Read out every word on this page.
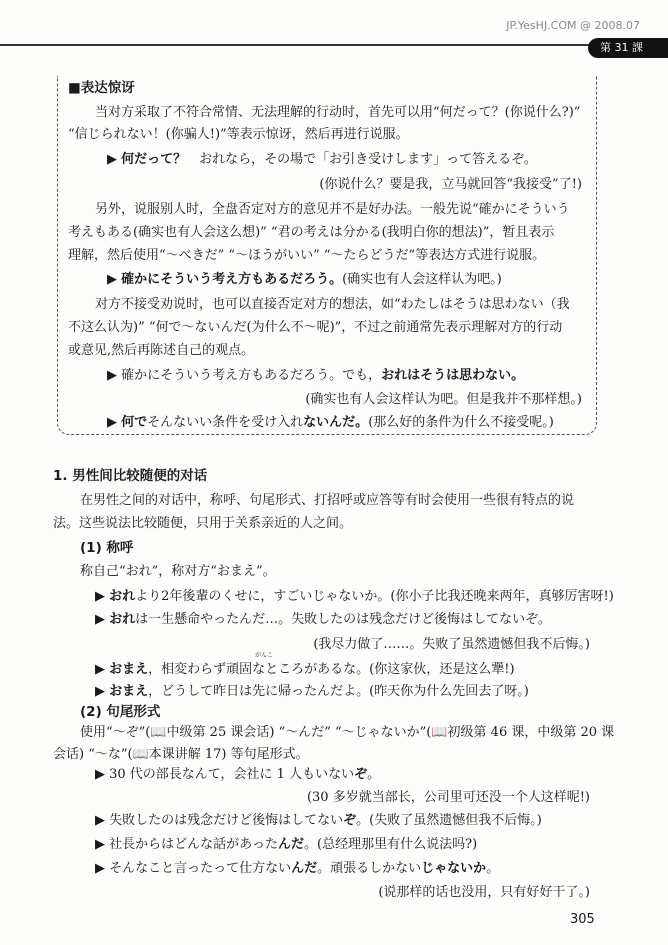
JP.YesHJ.COM @ 2008.07
第 31 課
■表达惊讶
当对方采取了不符合常情、无法理解的行动时，首先可以用“何だって？(你说什么?)”
“信じられない！(你骗人!)”等表示惊讶，然后再进行说服。
▶ 何だって？　おれなら，その場で「お引き受けします」って答えるぞ。
(你说什么？要是我，立马就回答“我接受”了!)
另外，说服别人时，全盘否定对方的意见并不是好办法。一般先说“確かにそういう
考えもある(确实也有人会这么想)” “君の考えは分かる(我明白你的想法)”，暂且表示
理解，然后使用“～べきだ” “～ほうがいい” “～たらどうだ”等表达方式进行说服。
▶ 確かにそういう考え方もあるだろう。(确实也有人会这样认为吧。)
对方不接受劝说时，也可以直接否定对方的想法，如“わたしはそうは思わない（我
不这么认为)” “何で～ないんだ(为什么不～呢)”，不过之前通常先表示理解对方的行动
或意见,然后再陈述自己的观点。
▶ 確かにそういう考え方もあるだろう。でも，おれはそうは思わない。
(确实也有人会这样认为吧。但是我并不那样想。)
▶ 何でそんないい条件を受け入れないんだ。(那么好的条件为什么不接受呢。)
1. 男性间比较随便的对话
在男性之间的对话中，称呼、句尾形式、打招呼或应答等有时会使用一些很有特点的说
法。这些说法比较随便，只用于关系亲近的人之间。
(1) 称呼
称自己“おれ”，称对方“おまえ”。
▶ おれより2年後輩のくせに，すごいじゃないか。(你小子比我还晚来两年，真够厉害呀!)
▶ おれは一生懸命やったんだ…。失敗したのは残念だけど後悔はしてないぞ。
(我尽力做了……。失败了虽然遗憾但我不后悔。)
▶ おまえ，相変わらず頑固なところがあるな。(你这家伙，还是这么犟!)
▶ おまえ，どうして昨日は先に帰ったんだよ。(昨天你为什么先回去了呀。)
(2) 句尾形式
使用“～ぞ”(📖中级第 25 课会话) “～んだ” “～じゃないか”(📖初级第 46 课，中级第 20 课
会话) “～な”(📖本课讲解 17) 等句尾形式。
▶ 30 代の部長なんて，会社に 1 人もいないぞ。
(30 多岁就当部长，公司里可还没一个人这样呢!)
▶ 失敗したのは残念だけど後悔はしてないぞ。(失败了虽然遗憾但我不后悔。)
▶ 社長からはどんな話があったんだ。(总经理那里有什么说法吗?)
▶ そんなこと言ったって仕方ないんだ。頑張るしかないじゃないか。
(说那样的话也没用，只有好好干了。)
がんこ
305
